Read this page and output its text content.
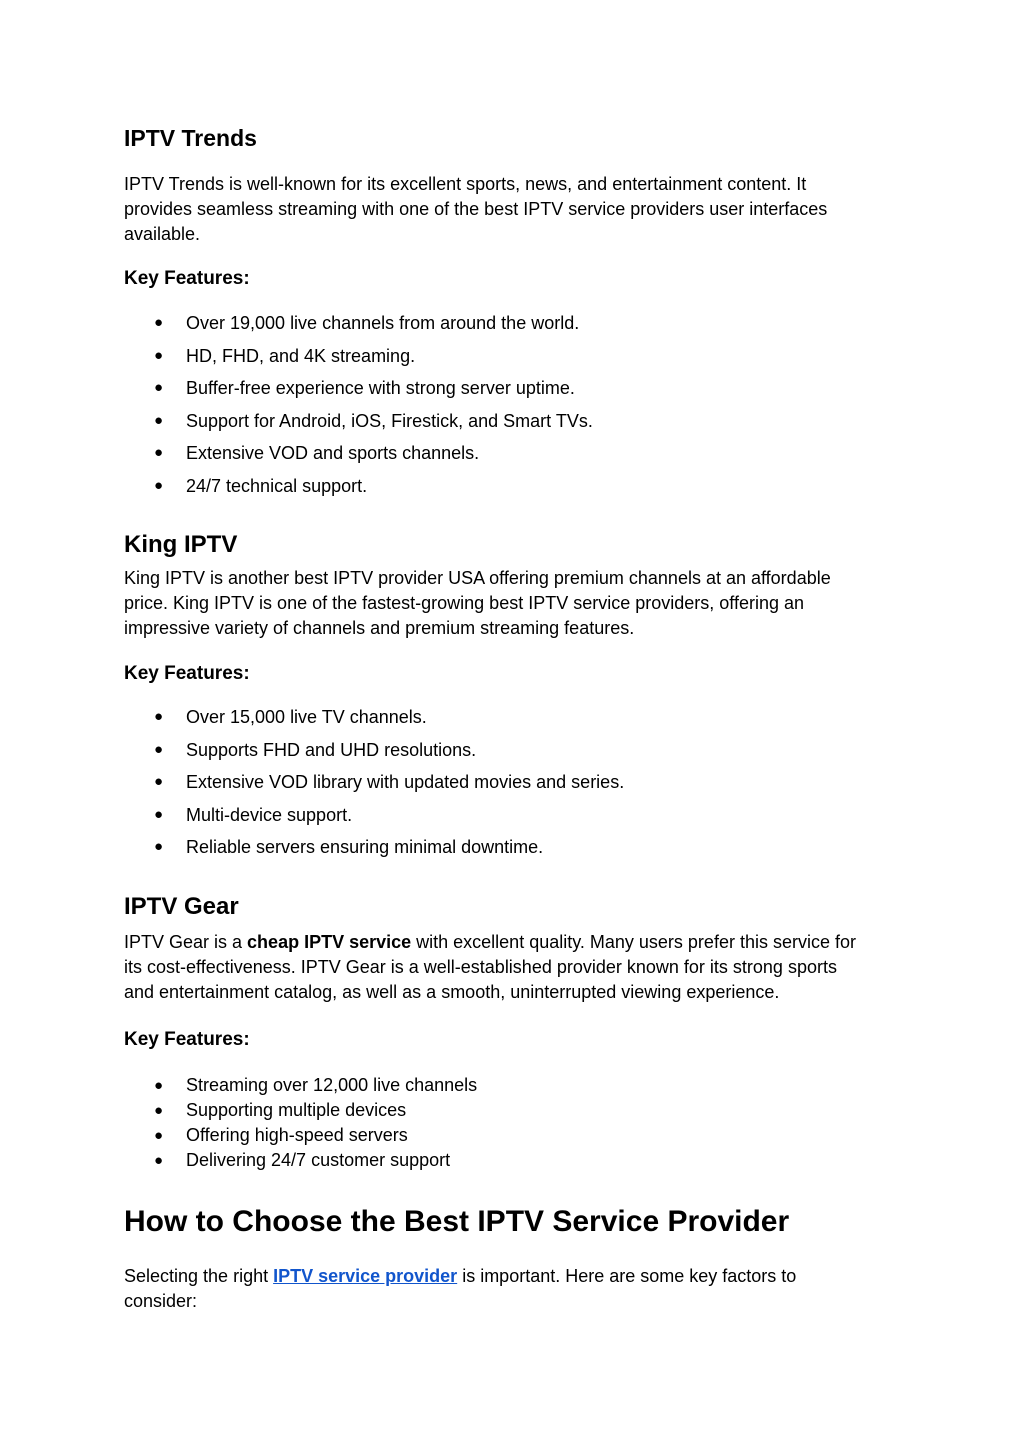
IPTV Trends
IPTV Trends is well-known for its excellent sports, news, and entertainment content. It
provides seamless streaming with one of the best IPTV service providers user interfaces
available.
Key Features:
● Over 19,000 live channels from around the world.
● HD, FHD, and 4K streaming.
● Buffer-free experience with strong server uptime.
● Support for Android, iOS, Firestick, and Smart TVs.
● Extensive VOD and sports channels.
● 24/7 technical support.
King IPTV
King IPTV is another best IPTV provider USA offering premium channels at an affordable
price. King IPTV is one of the fastest-growing best IPTV service providers, offering an
impressive variety of channels and premium streaming features.
Key Features:
● Over 15,000 live TV channels.
● Supports FHD and UHD resolutions.
● Extensive VOD library with updated movies and series.
● Multi-device support.
● Reliable servers ensuring minimal downtime.
IPTV Gear
IPTV Gear is a cheap IPTV service with excellent quality. Many users prefer this service for
its cost-effectiveness. IPTV Gear is a well-established provider known for its strong sports
and entertainment catalog, as well as a smooth, uninterrupted viewing experience.
Key Features:
● Streaming over 12,000 live channels
● Supporting multiple devices
● Offering high-speed servers
● Delivering 24/7 customer support
How to Choose the Best IPTV Service Provider
Selecting the right IPTV service provider is important. Here are some key factors to
consider:
